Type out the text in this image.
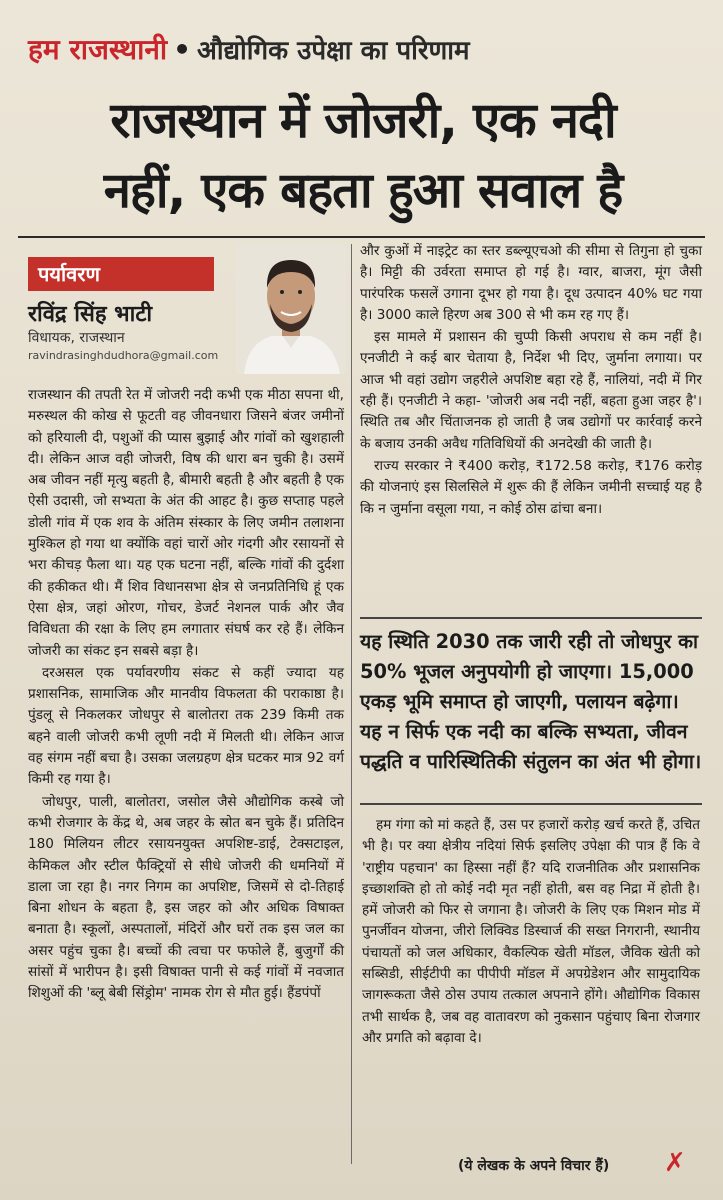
हम राजस्थानी • औद्योगिक उपेक्षा का परिणाम
राजस्थान में जोजरी, एक नदी
नहीं, एक बहता हुआ सवाल है
पर्यावरण
रविंद्र सिंह भाटी
विधायक, राजस्थान
ravindrasinghdudhora@gmail.com

राजस्थान की तपती रेत में जोजरी नदी कभी एक मीठा सपना थी, मरुस्थल की कोख से फूटती वह जीवनधारा जिसने बंजर जमीनों को हरियाली दी, पशुओं की प्यास बुझाई और गांवों को खुशहाली दी। लेकिन आज वही जोजरी, विष की धारा बन चुकी है। उसमें अब जीवन नहीं मृत्यु बहती है, बीमारी बहती है और बहती है एक ऐसी उदासी, जो सभ्यता के अंत की आहट है। कुछ सप्ताह पहले डोली गांव में एक शव के अंतिम संस्कार के लिए जमीन तलाशना मुश्किल हो गया था क्योंकि वहां चारों ओर गंदगी और रसायनों से भरा कीचड़ फैला था। यह एक घटना नहीं, बल्कि गांवों की दुर्दशा की हकीकत थी। मैं शिव विधानसभा क्षेत्र से जनप्रतिनिधि हूं एक ऐसा क्षेत्र, जहां ओरण, गोचर, डेजर्ट नेशनल पार्क और जैव विविधता की रक्षा के लिए हम लगातार संघर्ष कर रहे हैं। लेकिन जोजरी का संकट इन सबसे बड़ा है।

दरअसल एक पर्यावरणीय संकट से कहीं ज्यादा यह प्रशासनिक, सामाजिक और मानवीय विफलता की पराकाष्ठा है। पुंडलू से निकलकर जोधपुर से बालोतरा तक 239 किमी तक बहने वाली जोजरी कभी लूणी नदी में मिलती थी। लेकिन आज वह संगम नहीं बचा है। उसका जलग्रहण क्षेत्र घटकर मात्र 92 वर्ग किमी रह गया है।

जोधपुर, पाली, बालोतरा, जसोल जैसे औद्योगिक कस्बे जो कभी रोजगार के केंद्र थे, अब जहर के स्रोत बन चुके हैं। प्रतिदिन 180 मिलियन लीटर रसायनयुक्त अपशिष्ट-डाई, टेक्सटाइल, केमिकल और स्टील फैक्ट्रियों से सीधे जोजरी की धमनियों में डाला जा रहा है। नगर निगम का अपशिष्ट, जिसमें से दो-तिहाई बिना शोधन के बहता है, इस जहर को और अधिक विषाक्त बनाता है। स्कूलों, अस्पतालों, मंदिरों और घरों तक इस जल का असर पहुंच चुका है। बच्चों की त्वचा पर फफोले हैं, बुजुर्गों की सांसों में भारीपन है। इसी विषाक्त पानी से कई गांवों में नवजात शिशुओं की 'ब्लू बेबी सिंड्रोम' नामक रोग से मौत हुई। हैंडपंपों

और कुओं में नाइट्रेट का स्तर डब्ल्यूएचओ की सीमा से तिगुना हो चुका है। मिट्टी की उर्वरता समाप्त हो गई है। ग्वार, बाजरा, मूंग जैसी पारंपरिक फसलें उगाना दूभर हो गया है। दूध उत्पादन 40% घट गया है। 3000 काले हिरण अब 300 से भी कम रह गए हैं।

इस मामले में प्रशासन की चुप्पी किसी अपराध से कम नहीं है। एनजीटी ने कई बार चेताया है, निर्देश भी दिए, जुर्माना लगाया। पर आज भी वहां उद्योग जहरीले अपशिष्ट बहा रहे हैं, नालियां, नदी में गिर रही हैं। एनजीटी ने कहा- 'जोजरी अब नदी नहीं, बहता हुआ जहर है'। स्थिति तब और चिंताजनक हो जाती है जब उद्योगों पर कार्रवाई करने के बजाय उनकी अवैध गतिविधियों की अनदेखी की जाती है।

राज्य सरकार ने ₹400 करोड़, ₹172.58 करोड़, ₹176 करोड़ की योजनाएं इस सिलसिले में शुरू की हैं लेकिन जमीनी सच्चाई यह है कि न जुर्माना वसूला गया, न कोई ठोस ढांचा बना।

यह स्थिति 2030 तक जारी रही तो जोधपुर का 50% भूजल अनुपयोगी हो जाएगा। 15,000 एकड़ भूमि समाप्त हो जाएगी, पलायन बढ़ेगा। यह न सिर्फ एक नदी का बल्कि सभ्यता, जीवन पद्धति व पारिस्थितिकी संतुलन का अंत भी होगा।

हम गंगा को मां कहते हैं, उस पर हजारों करोड़ खर्च करते हैं, उचित भी है। पर क्या क्षेत्रीय नदियां सिर्फ इसलिए उपेक्षा की पात्र हैं कि वे 'राष्ट्रीय पहचान' का हिस्सा नहीं हैं? यदि राजनीतिक और प्रशासनिक इच्छाशक्ति हो तो कोई नदी मृत नहीं होती, बस वह निद्रा में होती है। हमें जोजरी को फिर से जगाना है। जोजरी के लिए एक मिशन मोड में पुनर्जीवन योजना, जीरो लिक्विड डिस्चार्ज की सख्त निगरानी, स्थानीय पंचायतों को जल अधिकार, वैकल्पिक खेती मॉडल, जैविक खेती को सब्सिडी, सीईटीपी का पीपीपी मॉडल में अपग्रेडेशन और सामुदायिक जागरूकता जैसे ठोस उपाय तत्काल अपनाने होंगे। औद्योगिक विकास तभी सार्थक है, जब वह वातावरण को नुकसान पहुंचाए बिना रोजगार और प्रगति को बढ़ावा दे।

(ये लेखक के अपने विचार हैं) ✗
